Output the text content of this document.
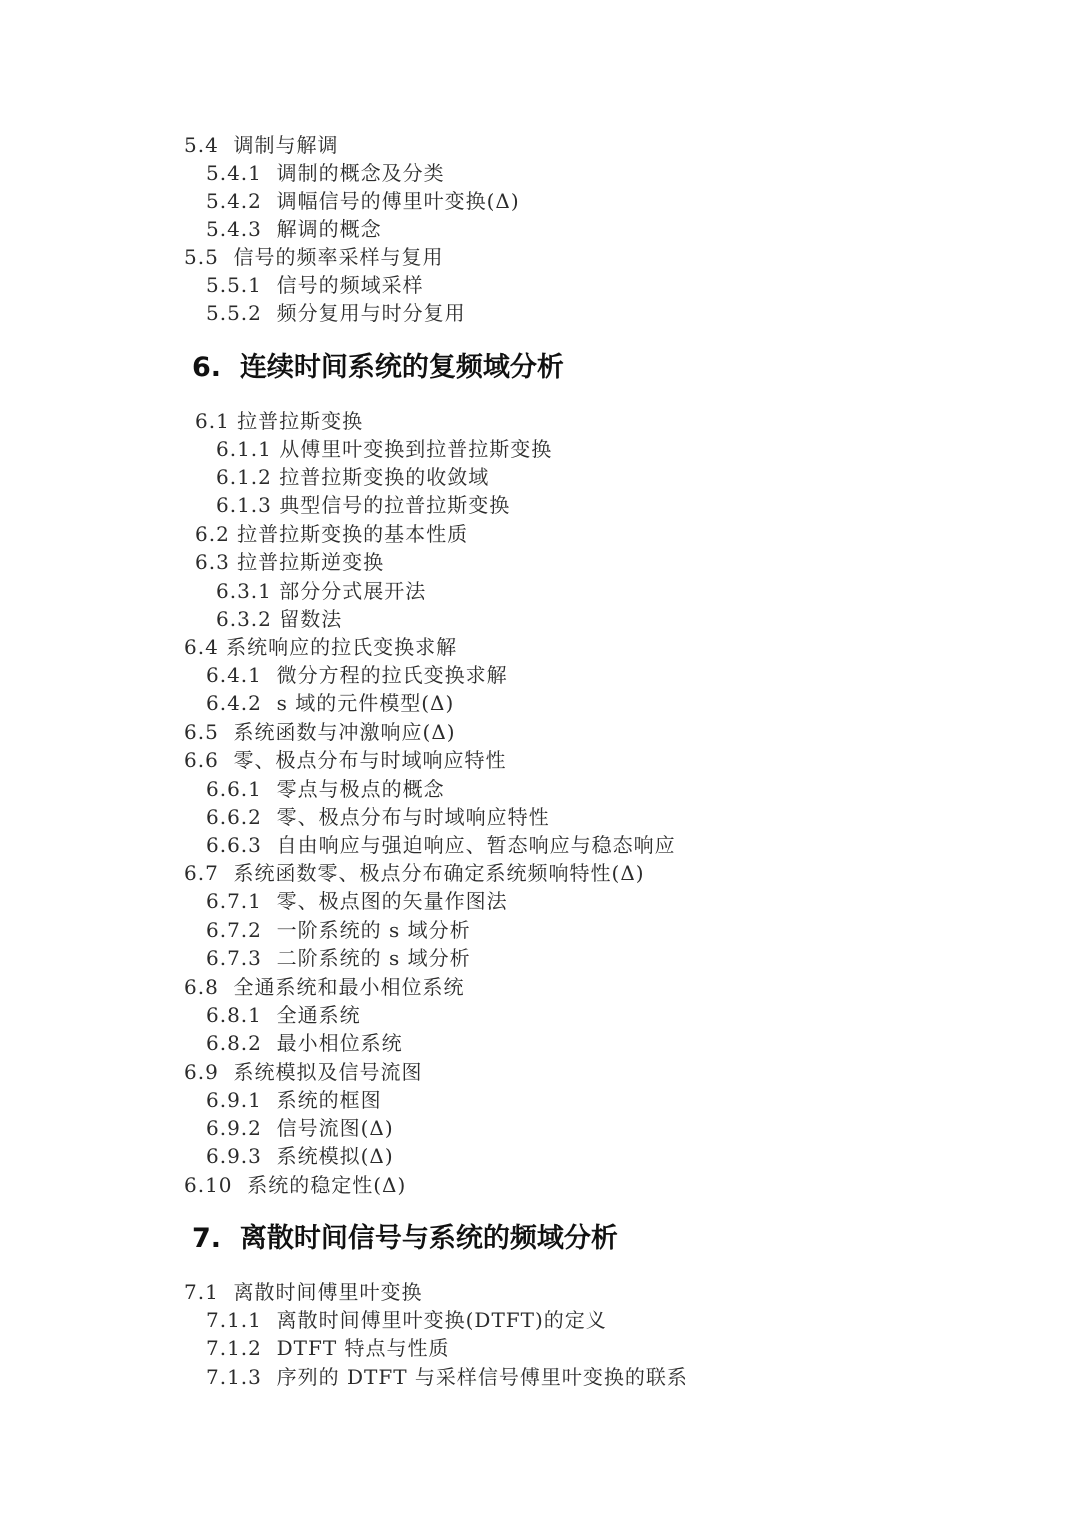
5.4  调制与解调
5.4.1  调制的概念及分类
5.4.2  调幅信号的傅里叶变换(Δ)
5.4.3  解调的概念
5.5  信号的频率采样与复用
5.5.1  信号的频域采样
5.5.2  频分复用与时分复用
6.  连续时间系统的复频域分析
6.1 拉普拉斯变换
6.1.1 从傅里叶变换到拉普拉斯变换
6.1.2 拉普拉斯变换的收敛域
6.1.3 典型信号的拉普拉斯变换
6.2 拉普拉斯变换的基本性质
6.3 拉普拉斯逆变换
6.3.1 部分分式展开法
6.3.2 留数法
6.4 系统响应的拉氏变换求解
6.4.1  微分方程的拉氏变换求解
6.4.2  s 域的元件模型(Δ)
6.5  系统函数与冲激响应(Δ)
6.6  零、极点分布与时域响应特性
6.6.1  零点与极点的概念
6.6.2  零、极点分布与时域响应特性
6.6.3  自由响应与强迫响应、暂态响应与稳态响应
6.7  系统函数零、极点分布确定系统频响特性(Δ)
6.7.1  零、极点图的矢量作图法
6.7.2  一阶系统的 s 域分析
6.7.3  二阶系统的 s 域分析
6.8  全通系统和最小相位系统
6.8.1  全通系统
6.8.2  最小相位系统
6.9  系统模拟及信号流图
6.9.1  系统的框图
6.9.2  信号流图(Δ)
6.9.3  系统模拟(Δ)
6.10  系统的稳定性(Δ)
7.  离散时间信号与系统的频域分析
7.1  离散时间傅里叶变换
7.1.1  离散时间傅里叶变换(DTFT)的定义
7.1.2  DTFT 特点与性质
7.1.3  序列的 DTFT 与采样信号傅里叶变换的联系
